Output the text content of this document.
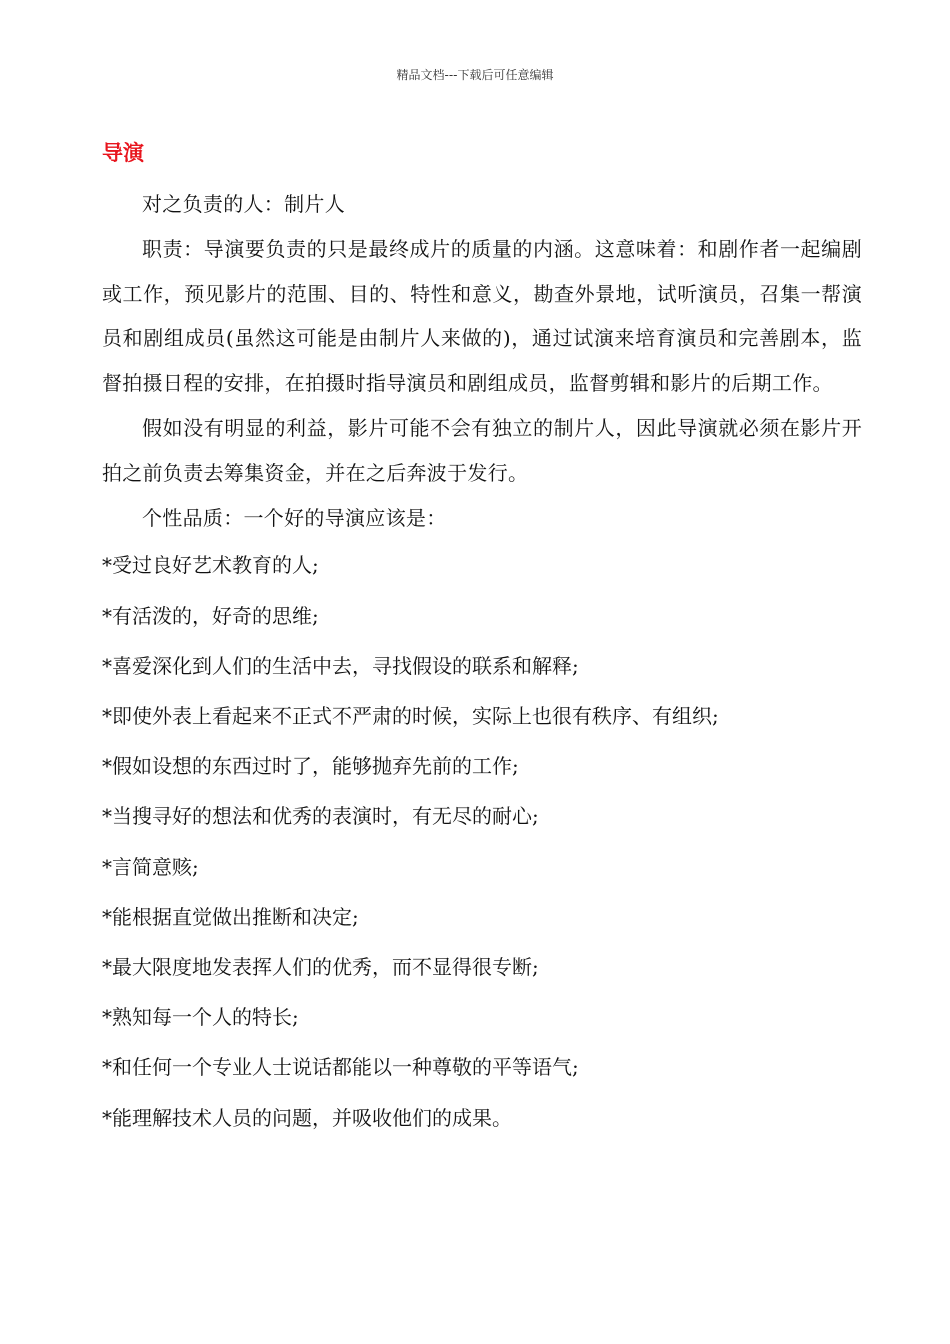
精品文档---下载后可任意编辑
导演

对之负责的人：制片人

职责：导演要负责的只是最终成片的质量的内涵。这意味着：和剧作者一起编剧或工作，预见影片的范围、目的、特性和意义，勘查外景地，试听演员，召集一帮演员和剧组成员(虽然这可能是由制片人来做的)，通过试演来培育演员和完善剧本，监督拍摄日程的安排，在拍摄时指导演员和剧组成员，监督剪辑和影片的后期工作。

假如没有明显的利益，影片可能不会有独立的制片人，因此导演就必须在影片开拍之前负责去筹集资金，并在之后奔波于发行。

个性品质：一个好的导演应该是：

*受过良好艺术教育的人;
*有活泼的，好奇的思维;
*喜爱深化到人们的生活中去，寻找假设的联系和解释;
*即使外表上看起来不正式不严肃的时候，实际上也很有秩序、有组织;
*假如设想的东西过时了，能够抛弃先前的工作;
*当搜寻好的想法和优秀的表演时，有无尽的耐心;
*言简意赅;
*能根据直觉做出推断和决定;
*最大限度地发表挥人们的优秀，而不显得很专断;
*熟知每一个人的特长;
*和任何一个专业人士说话都能以一种尊敬的平等语气;
*能理解技术人员的问题，并吸收他们的成果。
